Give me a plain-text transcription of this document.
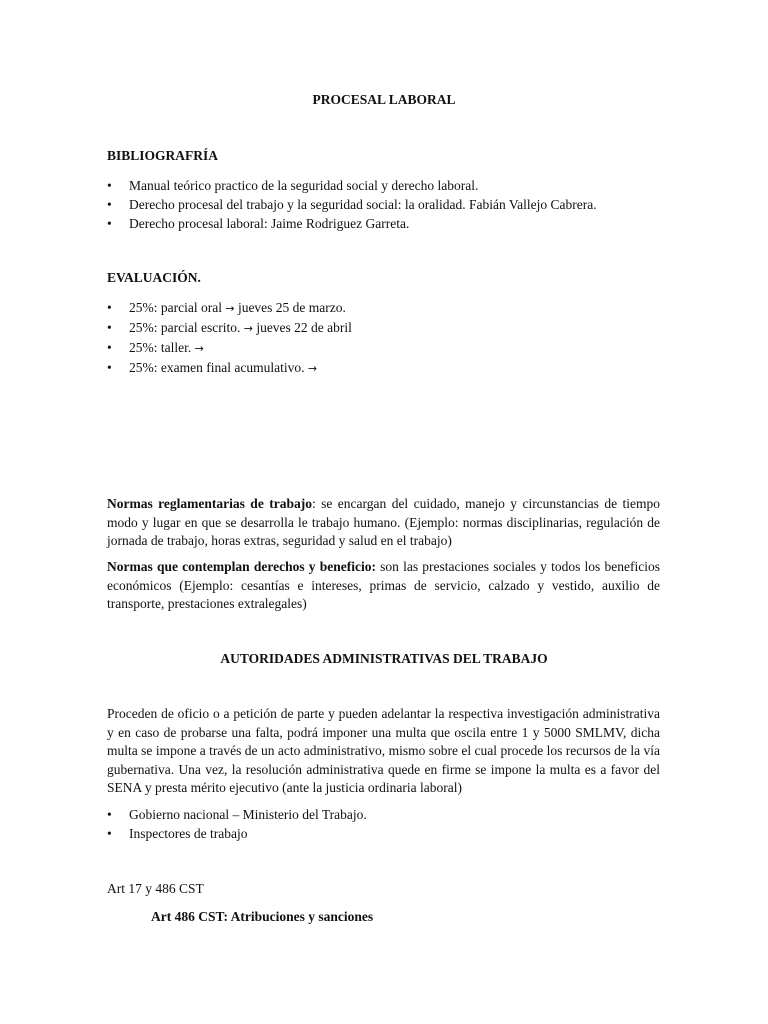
PROCESAL LABORAL
BIBLIOGRAFRÍA
• Manual teórico practico de la seguridad social y derecho laboral.
• Derecho procesal del trabajo y la seguridad social: la oralidad. Fabián Vallejo Cabrera.
• Derecho procesal laboral: Jaime Rodriguez Garreta.
EVALUACIÓN.
• 25%: parcial oral → jueves 25 de marzo.
• 25%: parcial escrito. → jueves 22 de abril
• 25%: taller. →
• 25%: examen final acumulativo. →
Normas reglamentarias de trabajo: se encargan del cuidado, manejo y circunstancias de tiempo modo y lugar en que se desarrolla le trabajo humano. (Ejemplo: normas disciplinarias, regulación de jornada de trabajo, horas extras, seguridad y salud en el trabajo)
Normas que contemplan derechos y beneficio: son las prestaciones sociales y todos los beneficios económicos (Ejemplo: cesantías e intereses, primas de servicio, calzado y vestido, auxilio de transporte, prestaciones extralegales)
AUTORIDADES ADMINISTRATIVAS DEL TRABAJO
Proceden de oficio o a petición de parte y pueden adelantar la respectiva investigación administrativa y en caso de probarse una falta, podrá imponer una multa que oscila entre 1 y 5000 SMLMV, dicha multa se impone a través de un acto administrativo, mismo sobre el cual procede los recursos de la vía gubernativa. Una vez, la resolución administrativa quede en firme se impone la multa es a favor del SENA y presta mérito ejecutivo (ante la justicia ordinaria laboral)
• Gobierno nacional – Ministerio del Trabajo.
• Inspectores de trabajo
Art 17 y 486 CST
Art 486 CST: Atribuciones y sanciones
